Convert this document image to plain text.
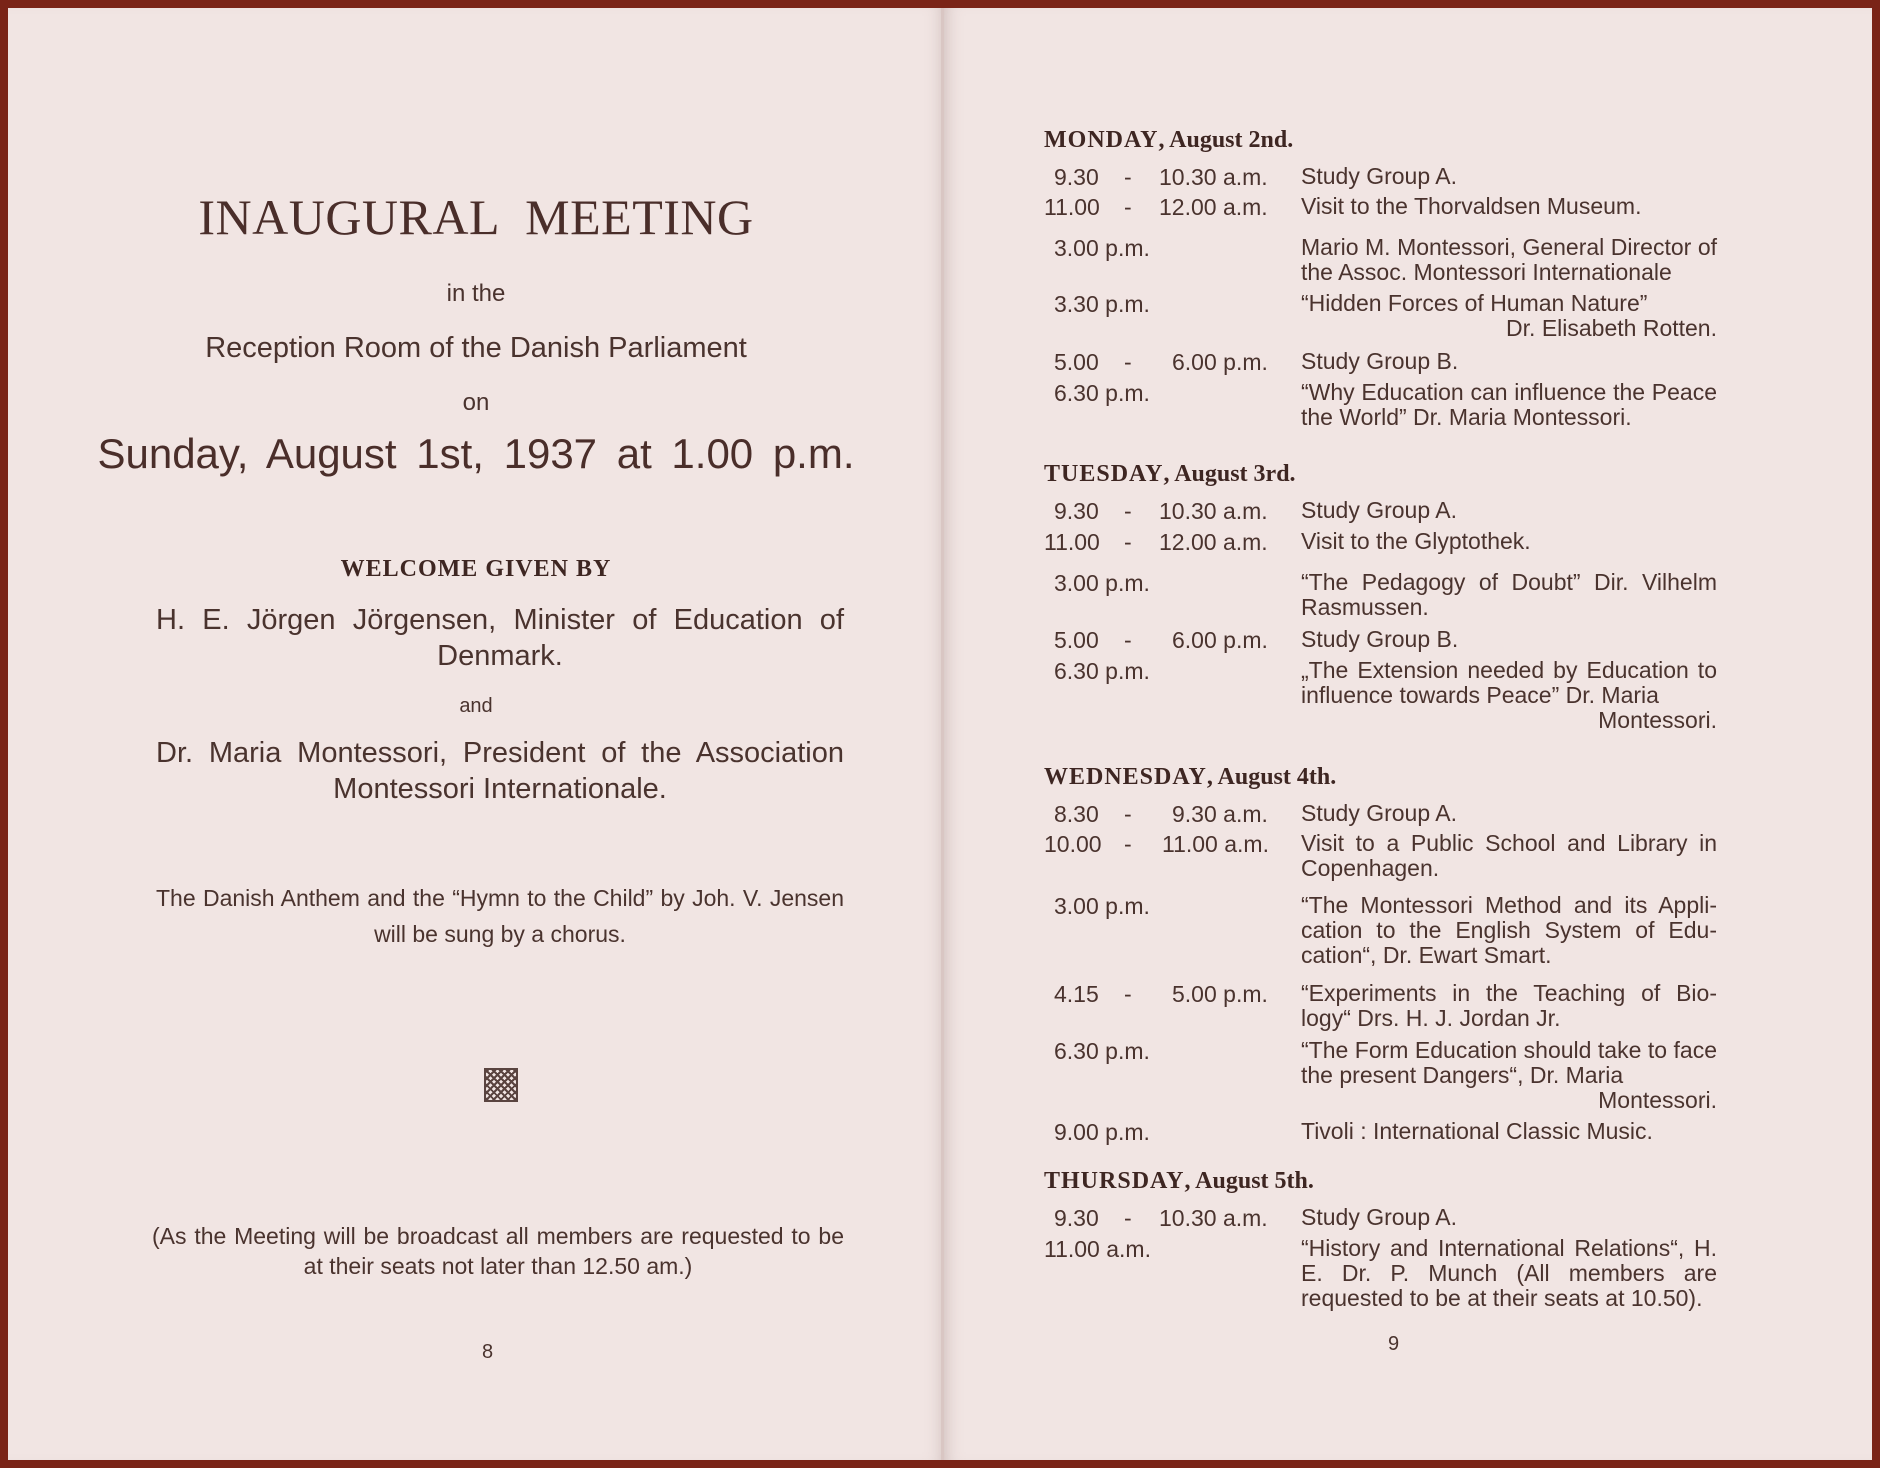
INAUGURAL MEETING
in the
Reception Room of the Danish Parliament
on
Sunday, August 1st, 1937 at 1.00 p.m.
WELCOME GIVEN BY
H. E. Jörgen Jörgensen, Minister of Education of Denmark.
and
Dr. Maria Montessori, President of the Association Montessori Internationale.
The Danish Anthem and the “Hymn to the Child” by Joh. V. Jensen will be sung by a chorus.
(As the Meeting will be broadcast all members are requested to be at their seats not later than 12.50 am.)
8
MONDAY, August 2nd.
9.30 - 10.30 a.m. Study Group A.
11.00 - 12.00 a.m. Visit to the Thorvaldsen Museum.
3.00 p.m.	Mario M. Montessori, General Director of the Assoc. Montessori Internationale
3.30 p.m.	“Hidden Forces of Human Nature”
Dr. Elisabeth Rotten.
5.00 - 6.00 p.m. Study Group B.
6.30 p.m.	“Why Education can influence the Peace the World” Dr. Maria Montessori.
TUESDAY, August 3rd.
9.30 - 10.30 a.m. Study Group A.
11.00 - 12.00 a.m. Visit to the Glyptothek.
3.00 p.m.	“The Pedagogy of Doubt” Dir. Vilhelm Rasmussen.
5.00 - 6.00 p.m. Study Group B.
6.30 p.m.	„The Extension needed by Education to influence towards Peace” Dr. Maria
Montessori.
WEDNESDAY, August 4th.
8.30 - 9.30 a.m. Study Group A.
10.00 - 11.00 a.m. Visit to a Public School and Library in Copenhagen.
3.00 p.m.	“The Montessori Method and its Appli- cation to the English System of Edu- cation“, Dr. Ewart Smart.
4.15 - 5.00 p.m. “Experiments in the Teaching of Bio- logy“ Drs. H. J. Jordan Jr.
6.30 p.m.	“The Form Education should take to face the present Dangers“, Dr. Maria
Montessori.
9.00 p.m.	Tivoli : International Classic Music.
THURSDAY, August 5th.
9.30 - 10.30 a.m. Study Group A.
11.00 a.m.	“History and International Relations“, H. E. Dr. P. Munch (All members are requested to be at their seats at 10.50).
9
